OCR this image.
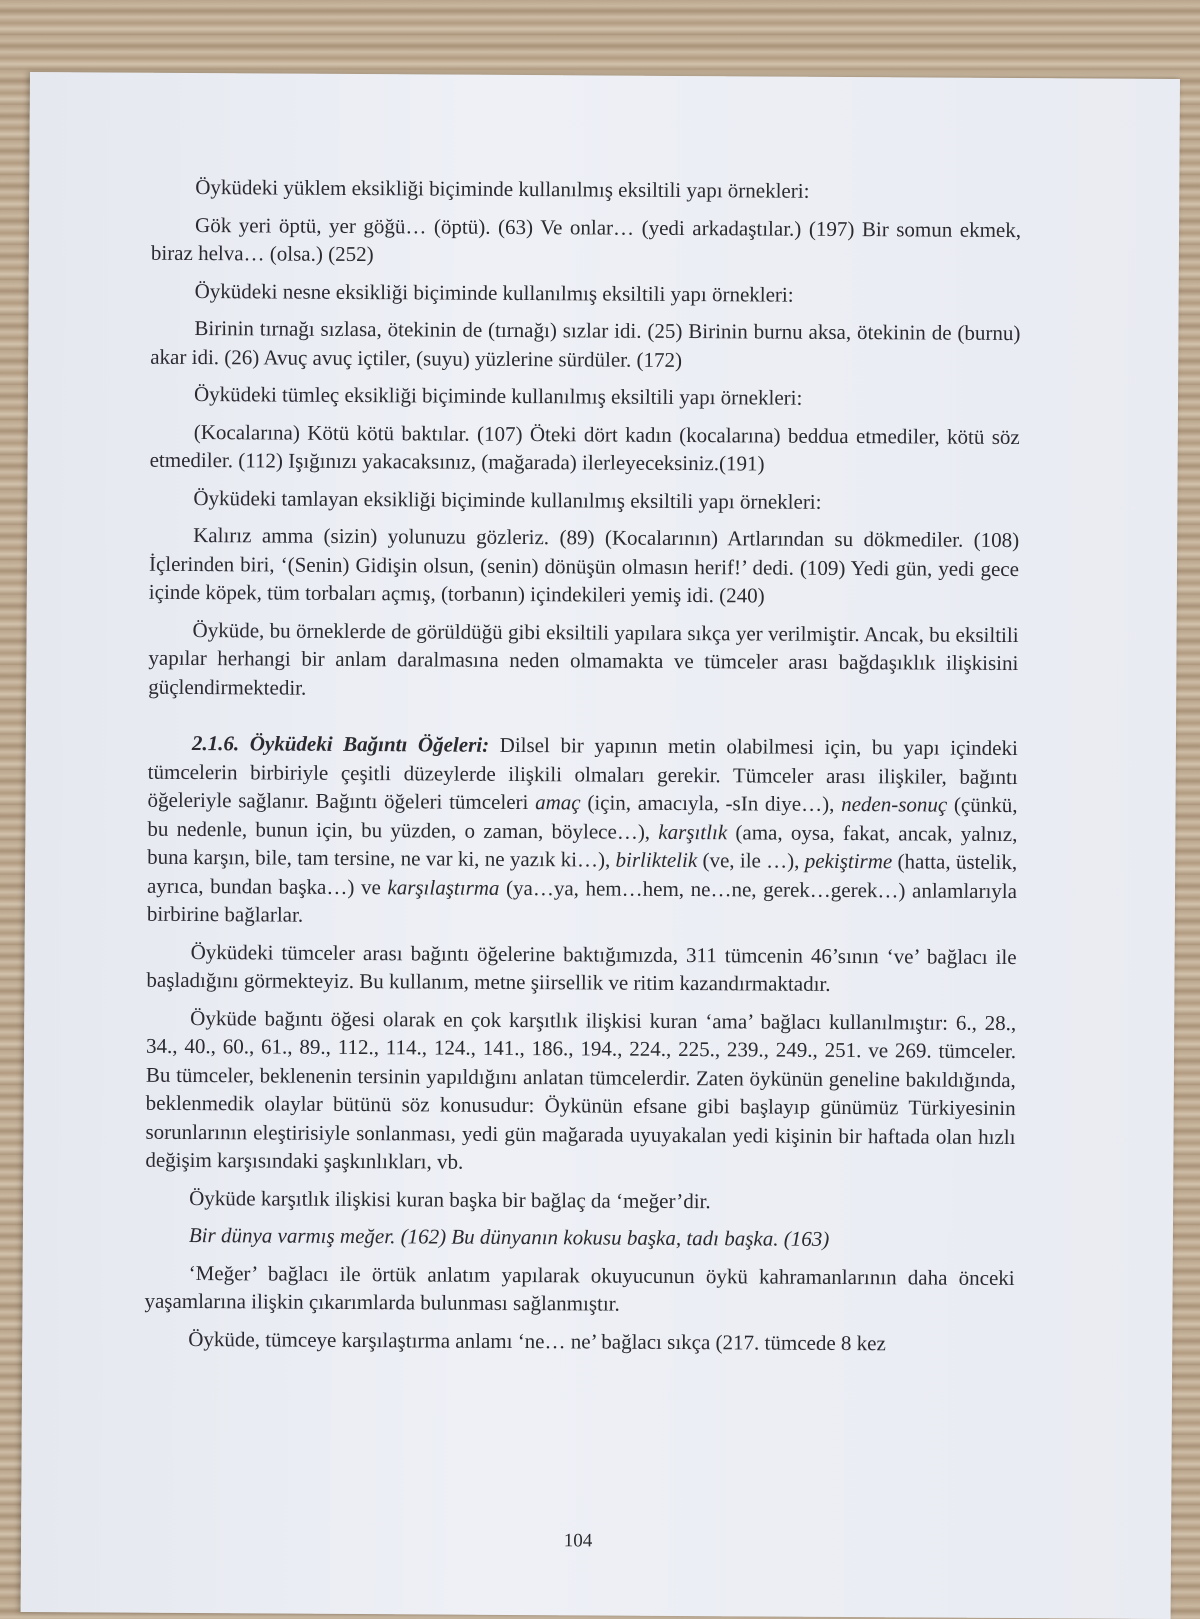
Öyküdeki yüklem eksikliği biçiminde kullanılmış eksiltili yapı örnekleri:

Gök yeri öptü, yer göğü… (öptü). (63) Ve onlar… (yedi arkadaştılar.) (197) Bir somun ekmek, biraz helva… (olsa.) (252)

Öyküdeki nesne eksikliği biçiminde kullanılmış eksiltili yapı örnekleri:

Birinin tırnağı sızlasa, ötekinin de (tırnağı) sızlar idi. (25) Birinin burnu aksa, ötekinin de (burnu) akar idi. (26) Avuç avuç içtiler, (suyu) yüzlerine sürdüler. (172)

Öyküdeki tümleç eksikliği biçiminde kullanılmış eksiltili yapı örnekleri:

(Kocalarına) Kötü kötü baktılar. (107) Öteki dört kadın (kocalarına) beddua etmediler, kötü söz etmediler. (112) Işığınızı yakacaksınız, (mağarada) ilerleyeceksiniz.(191)

Öyküdeki tamlayan eksikliği biçiminde kullanılmış eksiltili yapı örnekleri:

Kalırız amma (sizin) yolunuzu gözleriz. (89) (Kocalarının) Artlarından su dökmediler. (108) İçlerinden biri, ‘(Senin) Gidişin olsun, (senin) dönüşün olmasın herif!’ dedi. (109) Yedi gün, yedi gece içinde köpek, tüm torbaları açmış, (torbanın) içindekileri yemiş idi. (240)

Öyküde, bu örneklerde de görüldüğü gibi eksiltili yapılara sıkça yer verilmiştir. Ancak, bu eksiltili yapılar herhangi bir anlam daralmasına neden olmamakta ve tümceler arası bağdaşıklık ilişkisini güçlendirmektedir.

2.1.6. Öyküdeki Bağıntı Öğeleri: Dilsel bir yapının metin olabilmesi için, bu yapı içindeki tümcelerin birbiriyle çeşitli düzeylerde ilişkili olmaları gerekir. Tümceler arası ilişkiler, bağıntı öğeleriyle sağlanır. Bağıntı öğeleri tümceleri amaç (için, amacıyla, -sIn diye…), neden-sonuç (çünkü, bu nedenle, bunun için, bu yüzden, o zaman, böylece…), karşıtlık (ama, oysa, fakat, ancak, yalnız, buna karşın, bile, tam tersine, ne var ki, ne yazık ki…), birliktelik (ve, ile …), pekiştirme (hatta, üstelik, ayrıca, bundan başka…) ve karşılaştırma (ya…ya, hem…hem, ne…ne, gerek…gerek…) anlamlarıyla birbirine bağlarlar.

Öyküdeki tümceler arası bağıntı öğelerine baktığımızda, 311 tümcenin 46’sının ‘ve’ bağlacı ile başladığını görmekteyiz. Bu kullanım, metne şiirsellik ve ritim kazandırmaktadır.

Öyküde bağıntı öğesi olarak en çok karşıtlık ilişkisi kuran ‘ama’ bağlacı kullanılmıştır: 6., 28., 34., 40., 60., 61., 89., 112., 114., 124., 141., 186., 194., 224., 225., 239., 249., 251. ve 269. tümceler. Bu tümceler, beklenenin tersinin yapıldığını anlatan tümcelerdir. Zaten öykünün geneline bakıldığında, beklenmedik olaylar bütünü söz konusudur: Öykünün efsane gibi başlayıp günümüz Türkiyesinin sorunlarının eleştirisiyle sonlanması, yedi gün mağarada uyuyakalan yedi kişinin bir haftada olan hızlı değişim karşısındaki şaşkınlıkları, vb.

Öyküde karşıtlık ilişkisi kuran başka bir bağlaç da ‘meğer’dir.

Bir dünya varmış meğer. (162) Bu dünyanın kokusu başka, tadı başka. (163)

‘Meğer’ bağlacı ile örtük anlatım yapılarak okuyucunun öykü kahramanlarının daha önceki yaşamlarına ilişkin çıkarımlarda bulunması sağlanmıştır.

Öyküde, tümceye karşılaştırma anlamı ‘ne… ne’ bağlacı sıkça (217. tümcede 8 kez

104
